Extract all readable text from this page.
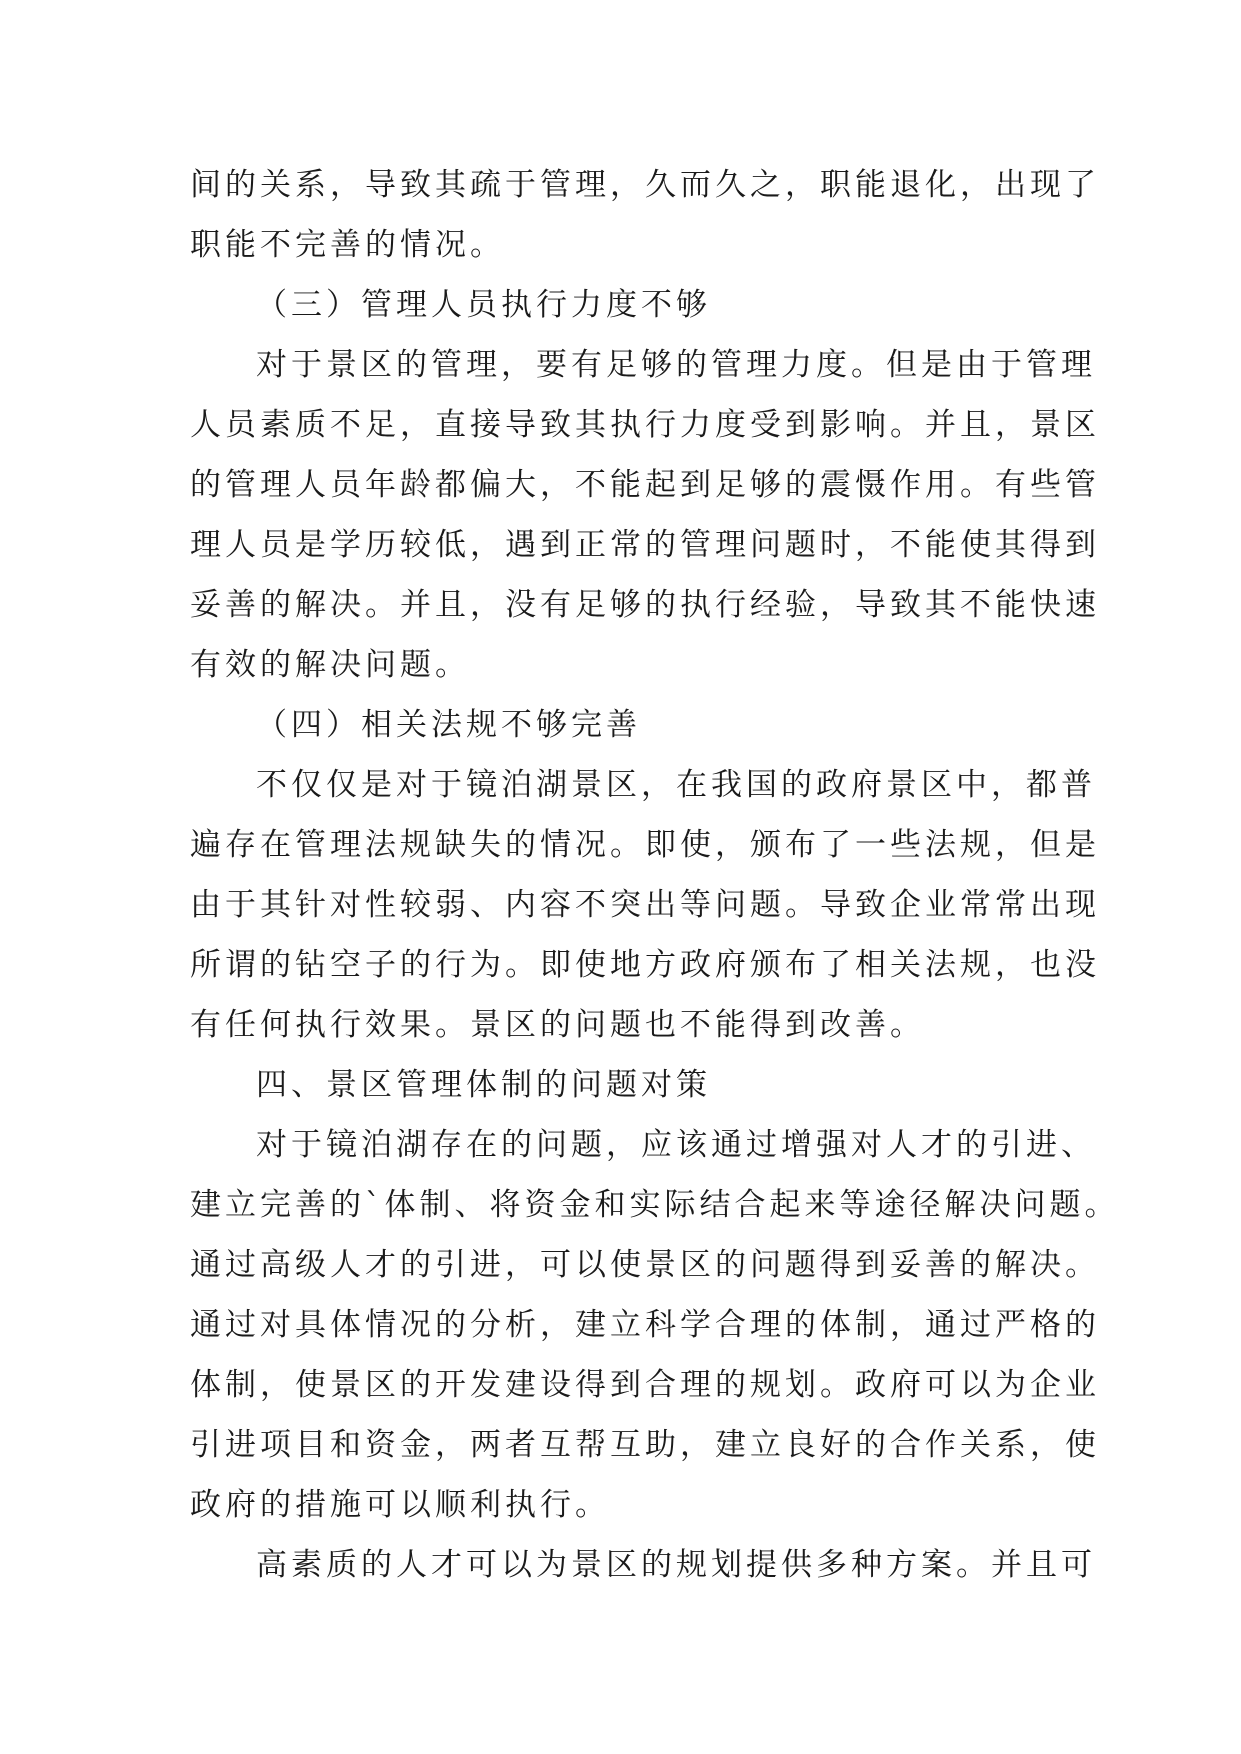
间的关系，导致其疏于管理，久而久之，职能退化，出现了
职能不完善的情况。
（三）管理人员执行力度不够
对于景区的管理，要有足够的管理力度。但是由于管理
人员素质不足，直接导致其执行力度受到影响。并且，景区
的管理人员年龄都偏大，不能起到足够的震慑作用。有些管
理人员是学历较低，遇到正常的管理问题时，不能使其得到
妥善的解决。并且，没有足够的执行经验，导致其不能快速
有效的解决问题。
（四）相关法规不够完善
不仅仅是对于镜泊湖景区，在我国的政府景区中，都普
遍存在管理法规缺失的情况。即使，颁布了一些法规，但是
由于其针对性较弱、内容不突出等问题。导致企业常常出现
所谓的钻空子的行为。即使地方政府颁布了相关法规，也没
有任何执行效果。景区的问题也不能得到改善。
四、景区管理体制的问题对策
对于镜泊湖存在的问题，应该通过增强对人才的引进、
建立完善的`体制、将资金和实际结合起来等途径解决问题。
通过高级人才的引进，可以使景区的问题得到妥善的解决。
通过对具体情况的分析，建立科学合理的体制，通过严格的
体制，使景区的开发建设得到合理的规划。政府可以为企业
引进项目和资金，两者互帮互助，建立良好的合作关系，使
政府的措施可以顺利执行。
高素质的人才可以为景区的规划提供多种方案。并且可
